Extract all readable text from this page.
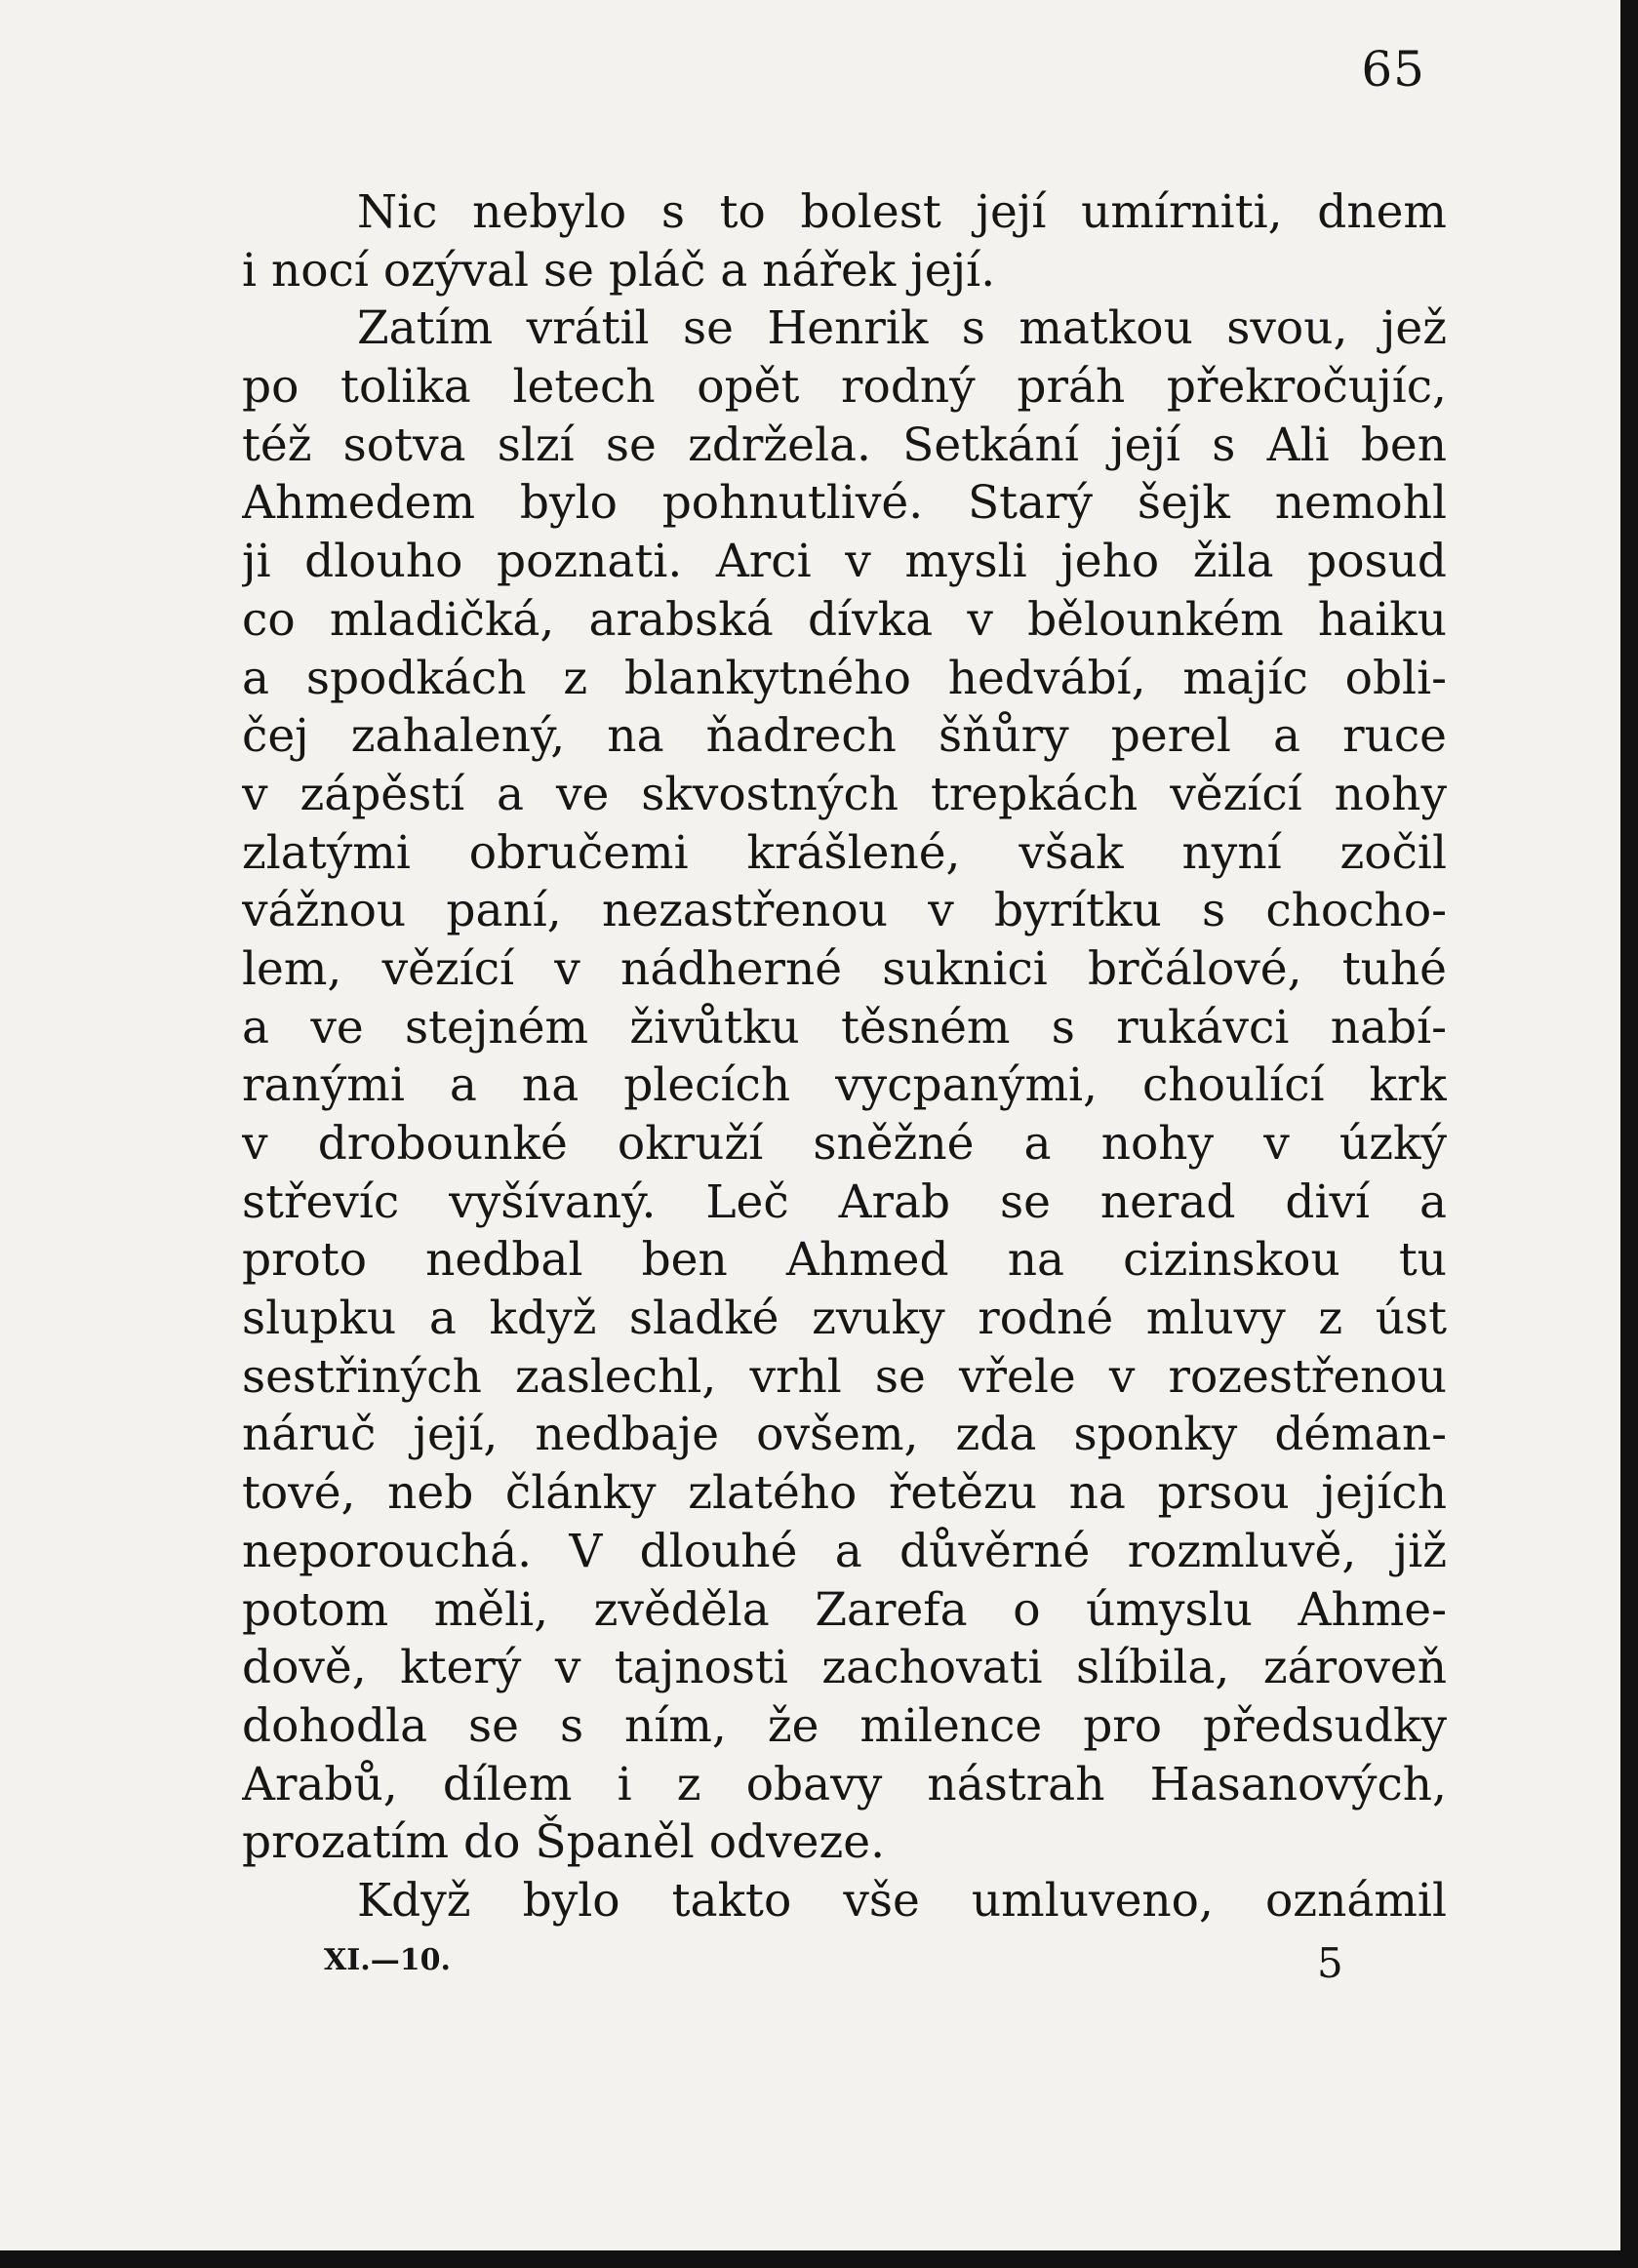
65
Nic nebylo s to bolest její umírniti, dnem
i nocí ozýval se pláč a nářek její.
Zatím vrátil se Henrik s matkou svou, jež
po tolika letech opět rodný práh překročujíc,
též sotva slzí se zdržela. Setkání její s Ali ben
Ahmedem bylo pohnutlivé. Starý šejk nemohl
ji dlouho poznati. Arci v mysli jeho žila posud
co mladičká, arabská dívka v bělounkém haiku
a spodkách z blankytného hedvábí, majíc obli-
čej zahalený, na ňadrech šňůry perel a ruce
v zápěstí a ve skvostných trepkách vězící nohy
zlatými obručemi krášlené, však nyní zočil
vážnou paní, nezastřenou v byrítku s chocho-
lem, vězící v nádherné suknici brčálové, tuhé
a ve stejném živůtku těsném s rukávci nabí-
ranými a na plecích vycpanými, choulící krk
v drobounké okruží sněžné a nohy v úzký
střevíc vyšívaný. Leč Arab se nerad diví a
proto nedbal ben Ahmed na cizinskou tu
slupku a když sladké zvuky rodné mluvy z úst
sestřiných zaslechl, vrhl se vřele v rozestřenou
náruč její, nedbaje ovšem, zda sponky déman-
tové, neb články zlatého řetězu na prsou jejích
neporouchá. V dlouhé a důvěrné rozmluvě, již
potom měli, zvěděla Zarefa o úmyslu Ahme-
dově, který v tajnosti zachovati slíbila, zároveň
dohodla se s ním, že milence pro předsudky
Arabů, dílem i z obavy nástrah Hasanových,
prozatím do Španěl odveze.
Když bylo takto vše umluveno, oznámil
XI.—10.	5
